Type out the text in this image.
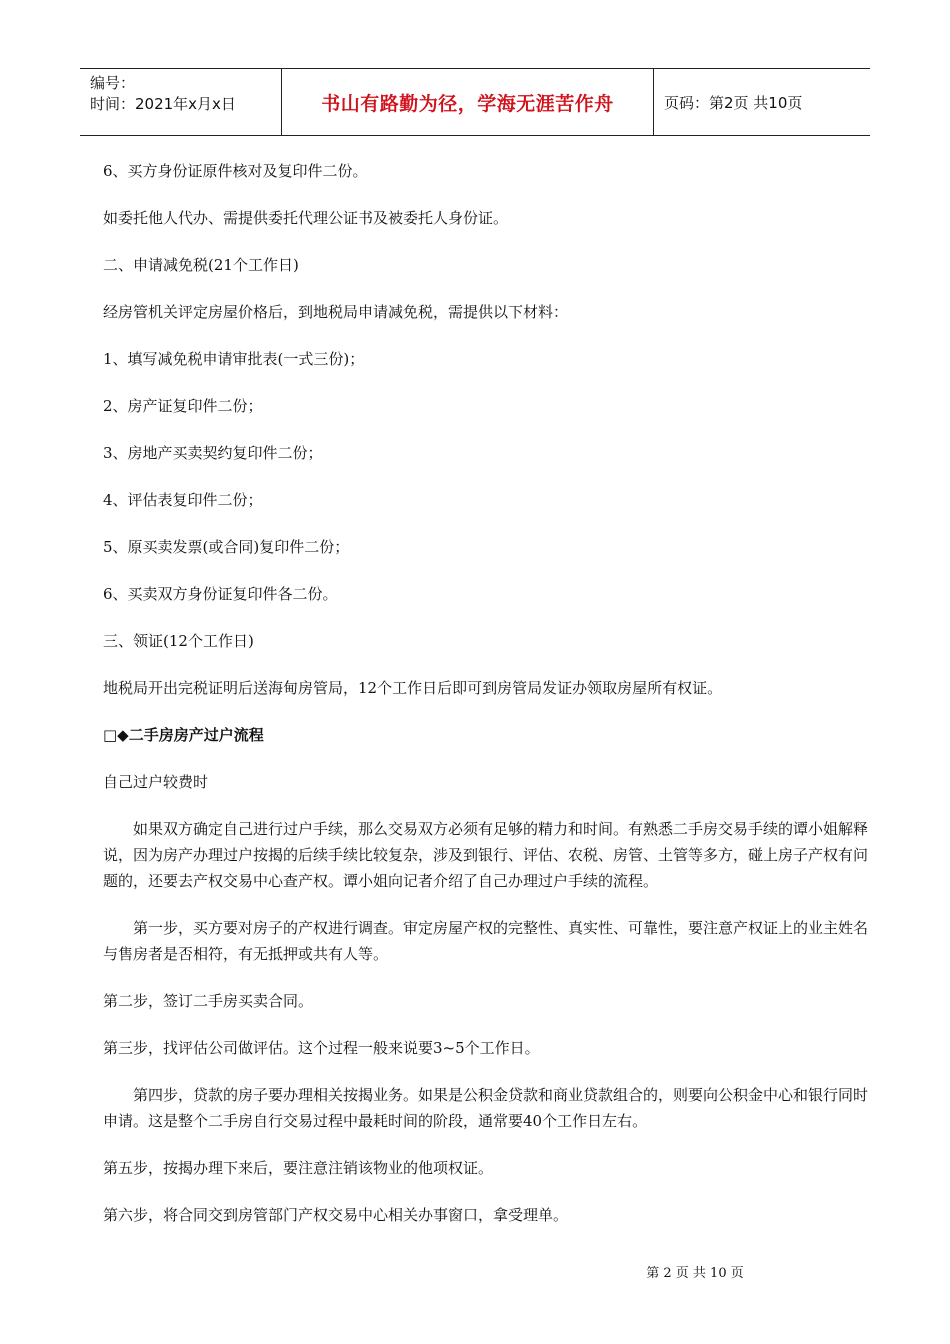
编号：
时间：2021年x月x日	书山有路勤为径，学海无涯苦作舟	页码：第2页 共10页
6、买方身份证原件核对及复印件二份。
如委托他人代办、需提供委托代理公证书及被委托人身份证。
二、申请减免税(21个工作日)
经房管机关评定房屋价格后，到地税局申请减免税，需提供以下材料：
1、填写减免税申请审批表(一式三份)；
2、房产证复印件二份；
3、房地产买卖契约复印件二份；
4、评估表复印件二份；
5、原买卖发票(或合同)复印件二份；
6、买卖双方身份证复印件各二份。
三、领证(12个工作日)
地税局开出完税证明后送海甸房管局，12个工作日后即可到房管局发证办领取房屋所有权证。
□◆二手房房产过户流程
自己过户较费时
如果双方确定自己进行过户手续，那么交易双方必须有足够的精力和时间。有熟悉二手房交易手续的谭小姐解释说，因为房产办理过户按揭的后续手续比较复杂，涉及到银行、评估、农税、房管、土管等多方，碰上房子产权有问题的，还要去产权交易中心查产权。谭小姐向记者介绍了自己办理过户手续的流程。
第一步，买方要对房子的产权进行调查。审定房屋产权的完整性、真实性、可靠性，要注意产权证上的业主姓名与售房者是否相符，有无抵押或共有人等。
第二步，签订二手房买卖合同。
第三步，找评估公司做评估。这个过程一般来说要3~5个工作日。
第四步，贷款的房子要办理相关按揭业务。如果是公积金贷款和商业贷款组合的，则要向公积金中心和银行同时申请。这是整个二手房自行交易过程中最耗时间的阶段，通常要40个工作日左右。
第五步，按揭办理下来后，要注意注销该物业的他项权证。
第六步，将合同交到房管部门产权交易中心相关办事窗口，拿受理单。
第 2 页 共 10 页
